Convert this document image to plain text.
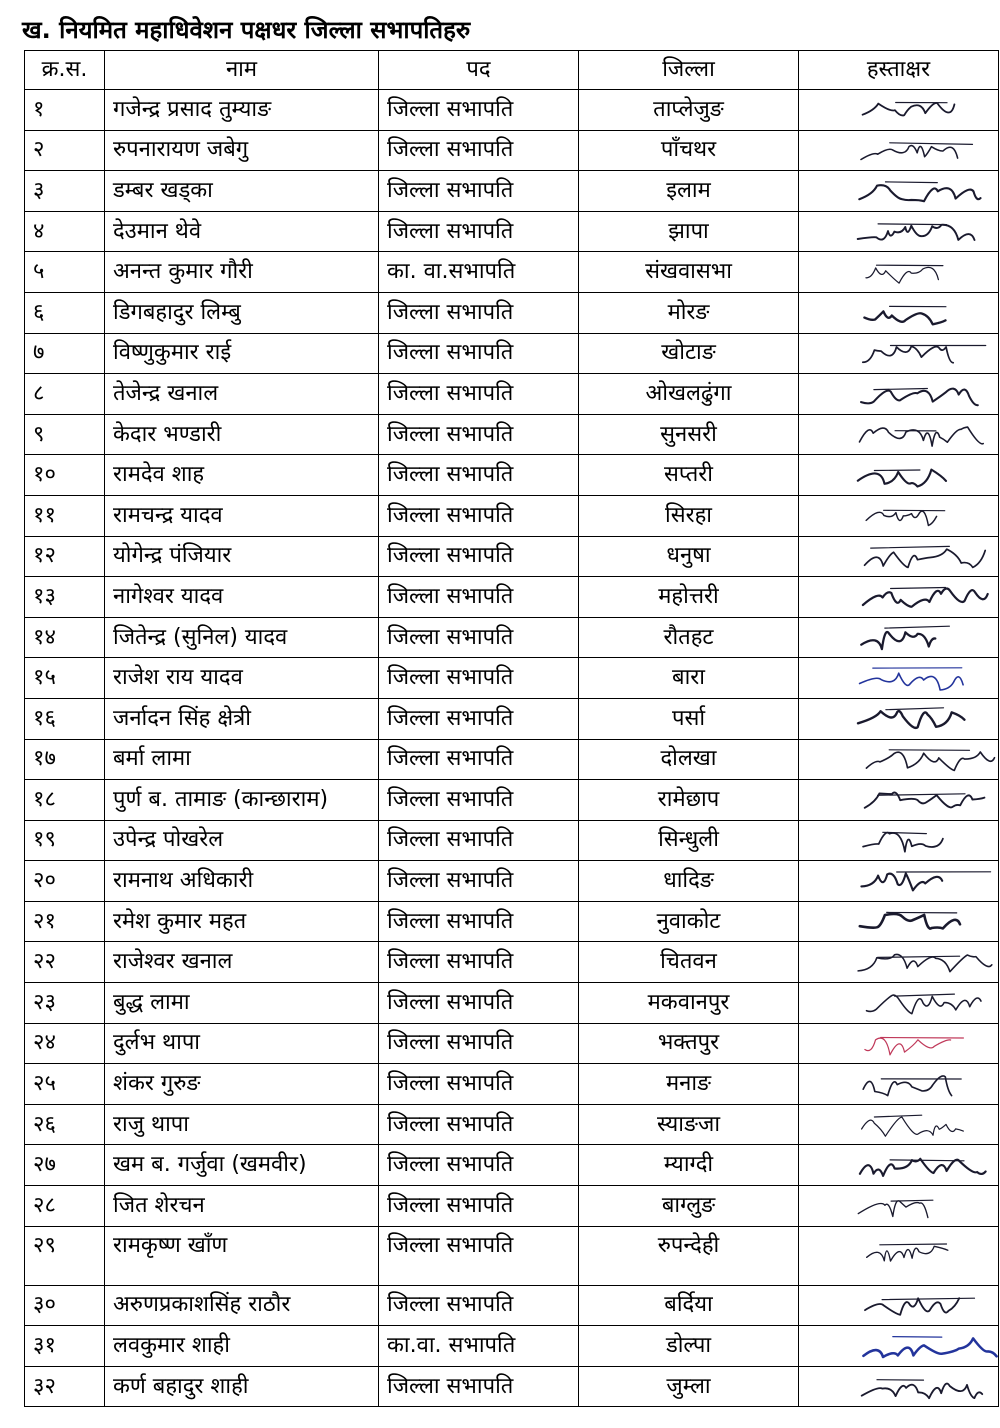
ख. नियमित महाधिवेशन पक्षधर जिल्ला सभापतिहरु
क्र.स.	नाम	पद	जिल्ला	हस्ताक्षर
१	गजेन्द्र प्रसाद तुम्याङ	जिल्ला सभापति	ताप्लेजुङ	

२	रुपनारायण जबेगु	जिल्ला सभापति	पाँचथर	

३	डम्बर खड्का	जिल्ला सभापति	इलाम	

४	देउमान थेवे	जिल्ला सभापति	झापा	

५	अनन्त कुमार गौरी	का. वा.सभापति	संखवासभा	

६	डिगबहादुर लिम्बु	जिल्ला सभापति	मोरङ	

७	विष्णुकुमार राई	जिल्ला सभापति	खोटाङ	

८	तेजेन्द्र खनाल	जिल्ला सभापति	ओखलढुंगा	

९	केदार भण्डारी	जिल्ला सभापति	सुनसरी	

१०	रामदेव शाह	जिल्ला सभापति	सप्तरी	

११	रामचन्द्र यादव	जिल्ला सभापति	सिरहा	

१२	योगेन्द्र पंजियार	जिल्ला सभापति	धनुषा	

१३	नागेश्वर यादव	जिल्ला सभापति	महोत्तरी	

१४	जितेन्द्र (सुनिल) यादव	जिल्ला सभापति	रौतहट	

१५	राजेश राय यादव	जिल्ला सभापति	बारा	

१६	जर्नादन सिंह क्षेत्री	जिल्ला सभापति	पर्सा	

१७	बर्मा लामा	जिल्ला सभापति	दोलखा	

१८	पुर्ण ब. तामाङ (कान्छाराम)	जिल्ला सभापति	रामेछाप	

१९	उपेन्द्र पोखरेल	जिल्ला सभापति	सिन्धुली	

२०	रामनाथ अधिकारी	जिल्ला सभापति	धादिङ	

२१	रमेश कुमार महत	जिल्ला सभापति	नुवाकोट	

२२	राजेश्वर खनाल	जिल्ला सभापति	चितवन	

२३	बुद्ध लामा	जिल्ला सभापति	मकवानपुर	

२४	दुर्लभ थापा	जिल्ला सभापति	भक्तपुर	

२५	शंकर गुरुङ	जिल्ला सभापति	मनाङ	

२६	राजु थापा	जिल्ला सभापति	स्याङजा	

२७	खम ब. गर्जुवा (खमवीर)	जिल्ला सभापति	म्याग्दी	

२८	जित शेरचन	जिल्ला सभापति	बाग्लुङ	

२९	रामकृष्ण खाँण	जिल्ला सभापति	रुपन्देही	

३०	अरुणप्रकाशसिंह राठौर	जिल्ला सभापति	बर्दिया	

३१	लवकुमार शाही	का.वा. सभापति	डोल्पा	

३२	कर्ण बहादुर शाही	जिल्ला सभापति	जुम्ला	
